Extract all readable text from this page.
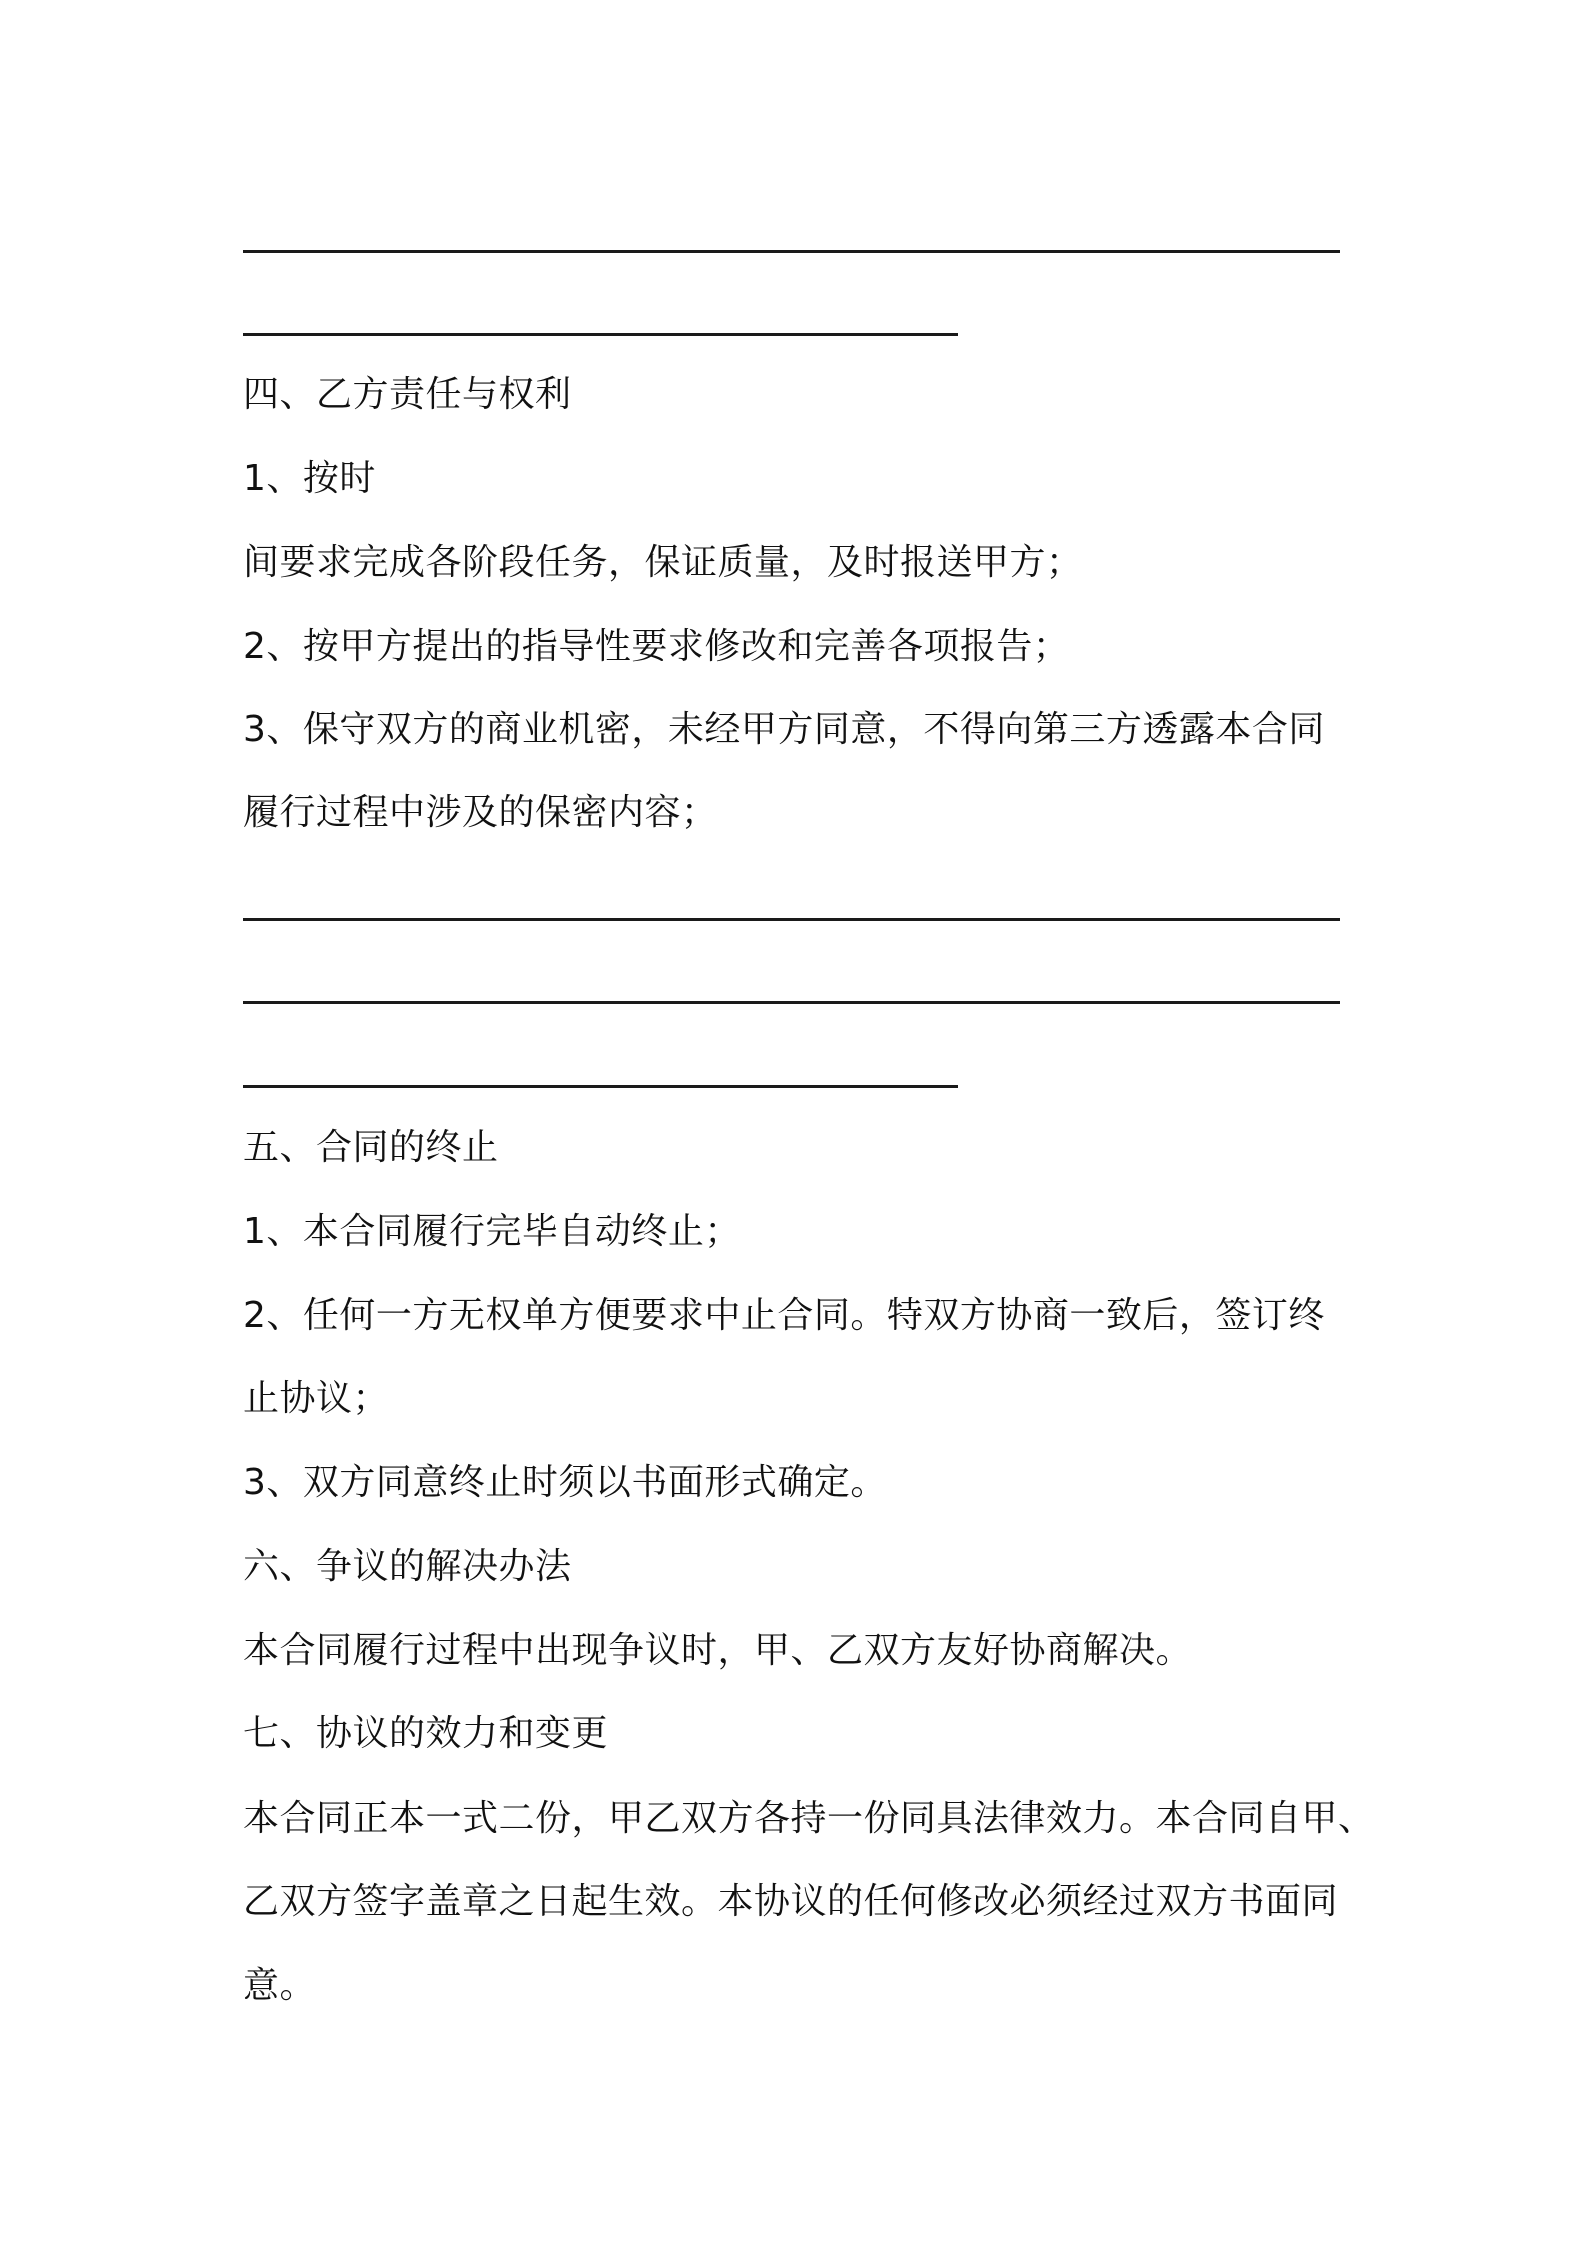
四、乙方责任与权利
1、按时
间要求完成各阶段任务，保证质量，及时报送甲方；
2、按甲方提出的指导性要求修改和完善各项报告；
3、保守双方的商业机密，未经甲方同意，不得向第三方透露本合同
履行过程中涉及的保密内容；
五、合同的终止
1、本合同履行完毕自动终止；
2、任何一方无权单方便要求中止合同。特双方协商一致后，签订终
止协议；
3、双方同意终止时须以书面形式确定。
六、争议的解决办法
本合同履行过程中出现争议时，甲、乙双方友好协商解决。
七、协议的效力和变更
本合同正本一式二份，甲乙双方各持一份同具法律效力。本合同自甲、
乙双方签字盖章之日起生效。本协议的任何修改必须经过双方书面同
意。
